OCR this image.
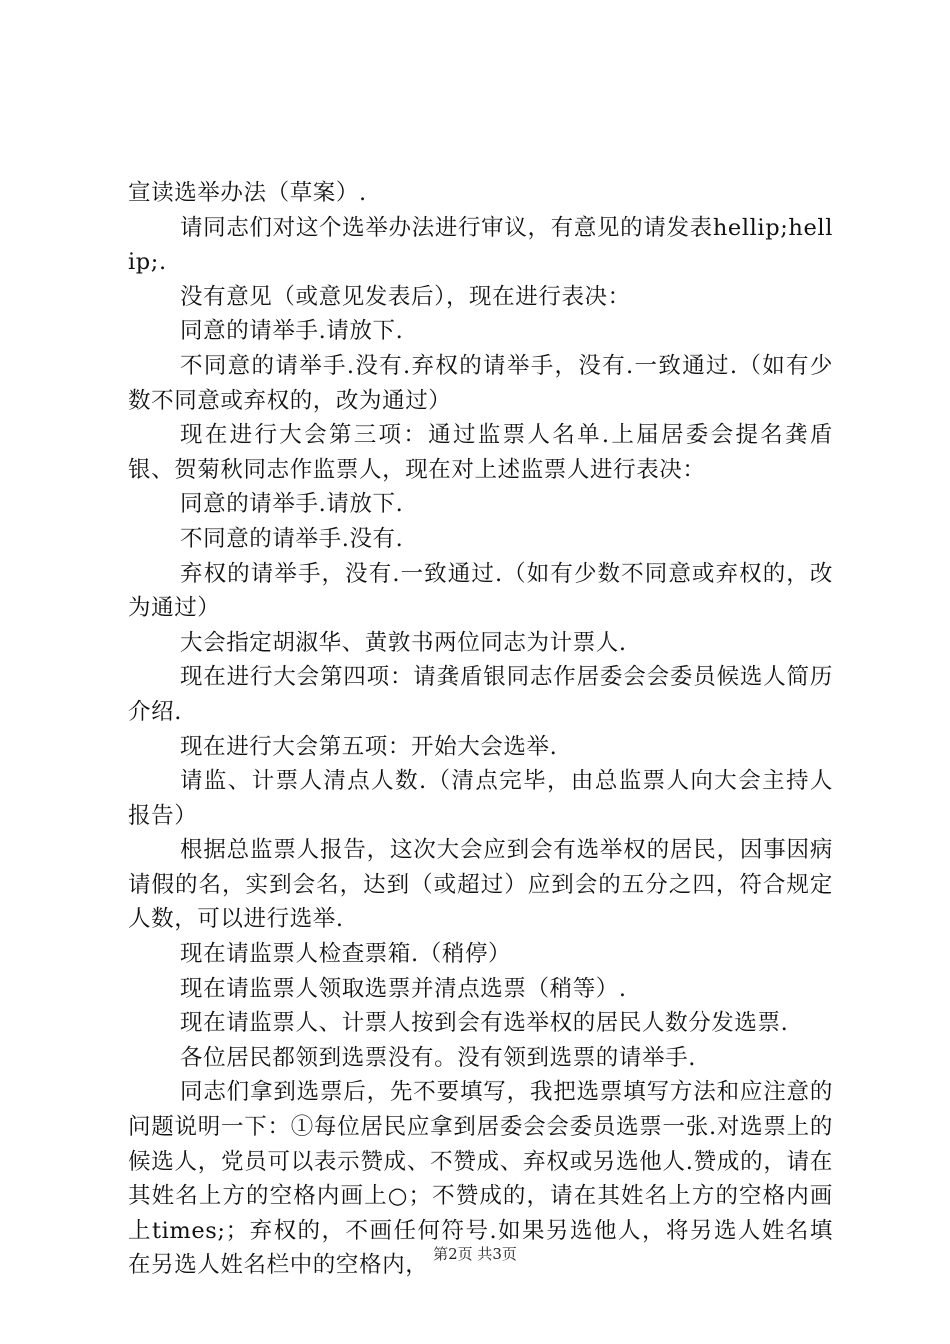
宣读选举办法（草案）.

请同志们对这个选举办法进行审议，有意见的请发表hellip;hellip;.

没有意见（或意见发表后），现在进行表决：

同意的请举手.请放下.

不同意的请举手.没有.弃权的请举手，没有.一致通过.（如有少数不同意或弃权的，改为通过）

现在进行大会第三项：通过监票人名单.上届居委会提名龚盾银、贺菊秋同志作监票人，现在对上述监票人进行表决：

同意的请举手.请放下.

不同意的请举手.没有.

弃权的请举手，没有.一致通过.（如有少数不同意或弃权的，改为通过）

大会指定胡淑华、黄敦书两位同志为计票人.

现在进行大会第四项：请龚盾银同志作居委会会委员候选人简历介绍.

现在进行大会第五项：开始大会选举.

请监、计票人清点人数.（清点完毕，由总监票人向大会主持人报告）

根据总监票人报告，这次大会应到会有选举权的居民，因事因病请假的名，实到会名，达到（或超过）应到会的五分之四，符合规定人数，可以进行选举.

现在请监票人检查票箱.（稍停）

现在请监票人领取选票并清点选票（稍等）.

现在请监票人、计票人按到会有选举权的居民人数分发选票.

各位居民都领到选票没有。没有领到选票的请举手.

同志们拿到选票后，先不要填写，我把选票填写方法和应注意的问题说明一下：①每位居民应拿到居委会会委员选票一张.对选票上的候选人，党员可以表示赞成、不赞成、弃权或另选他人.赞成的，请在其姓名上方的空格内画上○；不赞成的，请在其姓名上方的空格内画上times;；弃权的，不画任何符号.如果另选他人，将另选人姓名填在另选人姓名栏中的空格内， 第2页 共3页
